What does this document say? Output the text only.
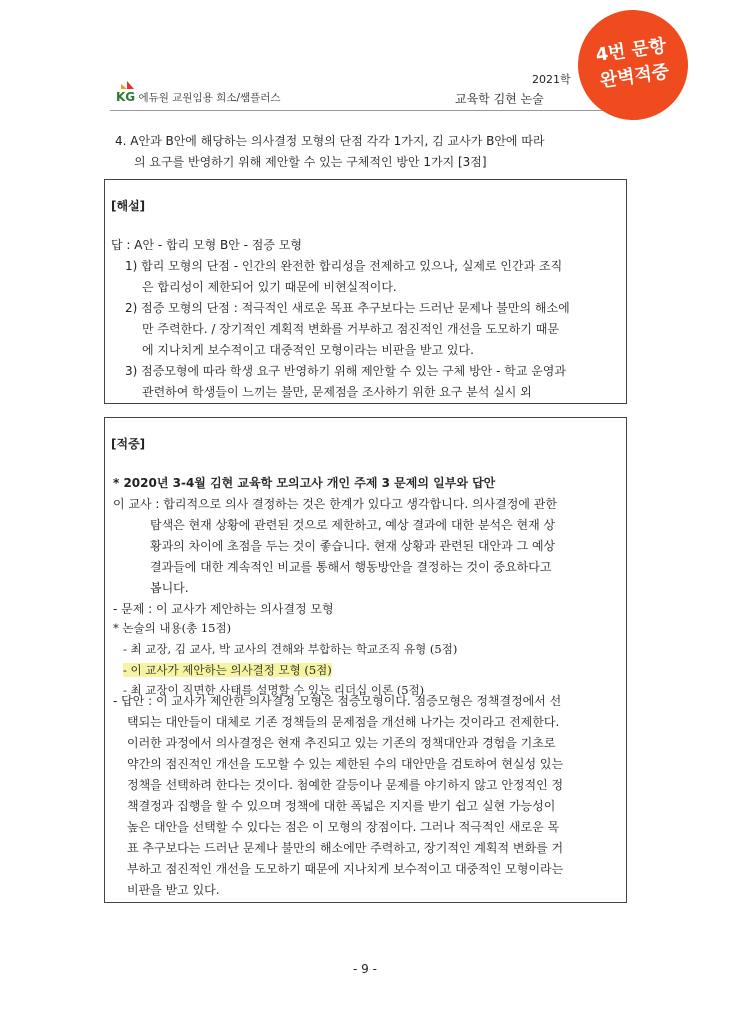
KG 에듀원 교원임용 희소/쌤플러스
2021학
교육학 김현 논술
4번 문항
완벽적중
4. A안과 B안에 해당하는 의사결정 모형의 단점 각각 1가지, 김 교사가 B안에 따라
의 요구를 반영하기 위해 제안할 수 있는 구체적인 방안 1가지 [3점]
[해설]
답 : A안 - 합리 모형 B안 - 점증 모형
1) 합리 모형의 단점 - 인간의 완전한 합리성을 전제하고 있으나, 실제로 인간과 조직
은 합리성이 제한되어 있기 때문에 비현실적이다.
2) 점증 모형의 단점 : 적극적인 새로운 목표 추구보다는 드러난 문제나 불만의 해소에
만 주력한다. / 장기적인 계획적 변화를 거부하고 점진적인 개선을 도모하기 때문
에 지나치게 보수적이고 대중적인 모형이라는 비판을 받고 있다.
3) 점증모형에 따라 학생 요구 반영하기 위해 제안할 수 있는 구체 방안 - 학교 운영과
관련하여 학생들이 느끼는 불만, 문제점을 조사하기 위한 요구 분석 실시 외
[적중]
* 2020년 3-4월 김현 교육학 모의고사 개인 주제 3 문제의 일부와 답안
이 교사 : 합리적으로 의사 결정하는 것은 한계가 있다고 생각합니다. 의사결정에 관한
탐색은 현재 상황에 관련된 것으로 제한하고, 예상 결과에 대한 분석은 현재 상
황과의 차이에 초점을 두는 것이 좋습니다. 현재 상황과 관련된 대안과 그 예상
결과들에 대한 계속적인 비교를 통해서 행동방안을 결정하는 것이 중요하다고
봅니다.
- 문제 : 이 교사가 제안하는 의사결정 모형
* 논술의 내용(총 15점)
- 최 교장, 김 교사, 박 교사의 견해와 부합하는 학교조직 유형 (5점)
- 이 교사가 제안하는 의사결정 모형 (5점)
- 최 교장이 직면한 사태를 설명할 수 있는 리더십 이론 (5점)
- 답안 : 이 교사가 제안한 의사결정 모형은 점증모형이다. 점증모형은 정책결정에서 선
택되는 대안들이 대체로 기존 정책들의 문제점을 개선해 나가는 것이라고 전제한다.
이러한 과정에서 의사결정은 현재 추진되고 있는 기존의 정책대안과 경험을 기초로
약간의 점진적인 개선을 도모할 수 있는 제한된 수의 대안만을 검토하여 현실성 있는
정책을 선택하려 한다는 것이다. 첨예한 갈등이나 문제를 야기하지 않고 안정적인 정
책결정과 집행을 할 수 있으며 정책에 대한 폭넓은 지지를 받기 쉽고 실현 가능성이
높은 대안을 선택할 수 있다는 점은 이 모형의 장점이다. 그러나 적극적인 새로운 목
표 추구보다는 드러난 문제나 불만의 해소에만 주력하고, 장기적인 계획적 변화를 거
부하고 점진적인 개선을 도모하기 때문에 지나치게 보수적이고 대중적인 모형이라는
비판을 받고 있다.
- 9 -
